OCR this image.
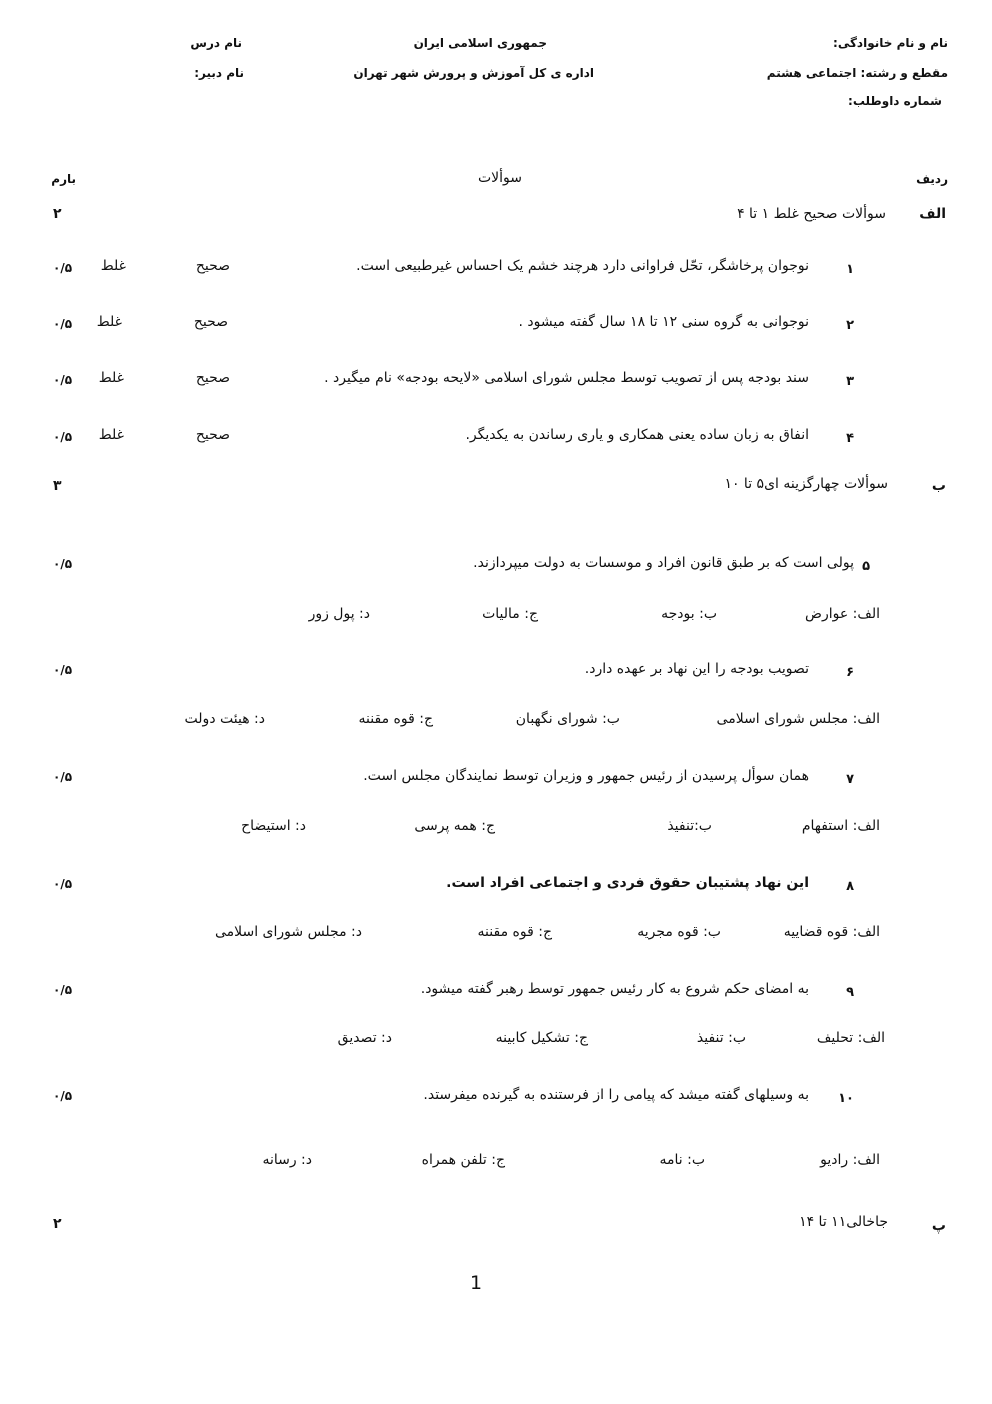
نام و نام خانوادگی:
مقطع و رشته: اجتماعی هشتم
شماره داوطلب:
جمهوری اسلامی ایران
اداره ی کل آموزش و پرورش شهر تهران
نام درس
نام دبیر:
ردیف
سوألات
بارم
الف
سوألات صحیح غلط ۱ تا ۴
۲
۱
نوجوان پرخاشگر، تحّل فراوانی دارد هرچند خشم یک احساس غیرطبیعی است.
صحیح
غلط
۰/۵
۲
نوجوانی به گروه سنی ۱۲ تا ۱۸ سال گفته میشود .
صحیح
غلط
۰/۵
۳
سند بودجه پس از تصویب توسط مجلس شورای اسلامی «لایحه بودجه» نام میگیرد .
صحیح
غلط
۰/۵
۴
انفاق به زبان ساده یعنی همکاری و یاری رساندن به یکدیگر.
صحیح
غلط
۰/۵
ب
سوألات چهارگزینه ای۵ تا ۱۰
۳
۵
پولی است که بر طبق قانون افراد و موسسات به دولت میپردازند.
۰/۵
الف: عوارض
ب: بودجه
ج: مالیات
د: پول زور
۶
تصویب بودجه را این نهاد بر عهده دارد.
۰/۵
الف: مجلس شورای اسلامی
ب: شورای نگهبان
ج: قوه مقننه
د: هیئت دولت
۷
همان سوأل پرسیدن از رئیس جمهور و وزیران توسط نمایندگان مجلس است.
۰/۵
الف: استفهام
ب:تنفیذ
ج: همه پرسی
د: استیضاح
۸
این نهاد پشتیبان حقوق فردی و اجتماعی افراد است.
۰/۵
الف: قوه قضاییه
ب: قوه مجریه
ج: قوه مقننه
د: مجلس شورای اسلامی
۹
به امضای حکم شروع به کار رئیس جمهور توسط رهبر گفته میشود.
۰/۵
الف: تحلیف
ب: تنفیذ
ج: تشکیل کابینه
د: تصدیق
۱۰
به وسیلهای گفته میشد که پیامی را از فرستنده به گیرنده میفرستد.
۰/۵
الف: رادیو
ب: نامه
ج: تلفن همراه
د: رسانه
پ
جاخالی۱۱ تا ۱۴
۲
1
